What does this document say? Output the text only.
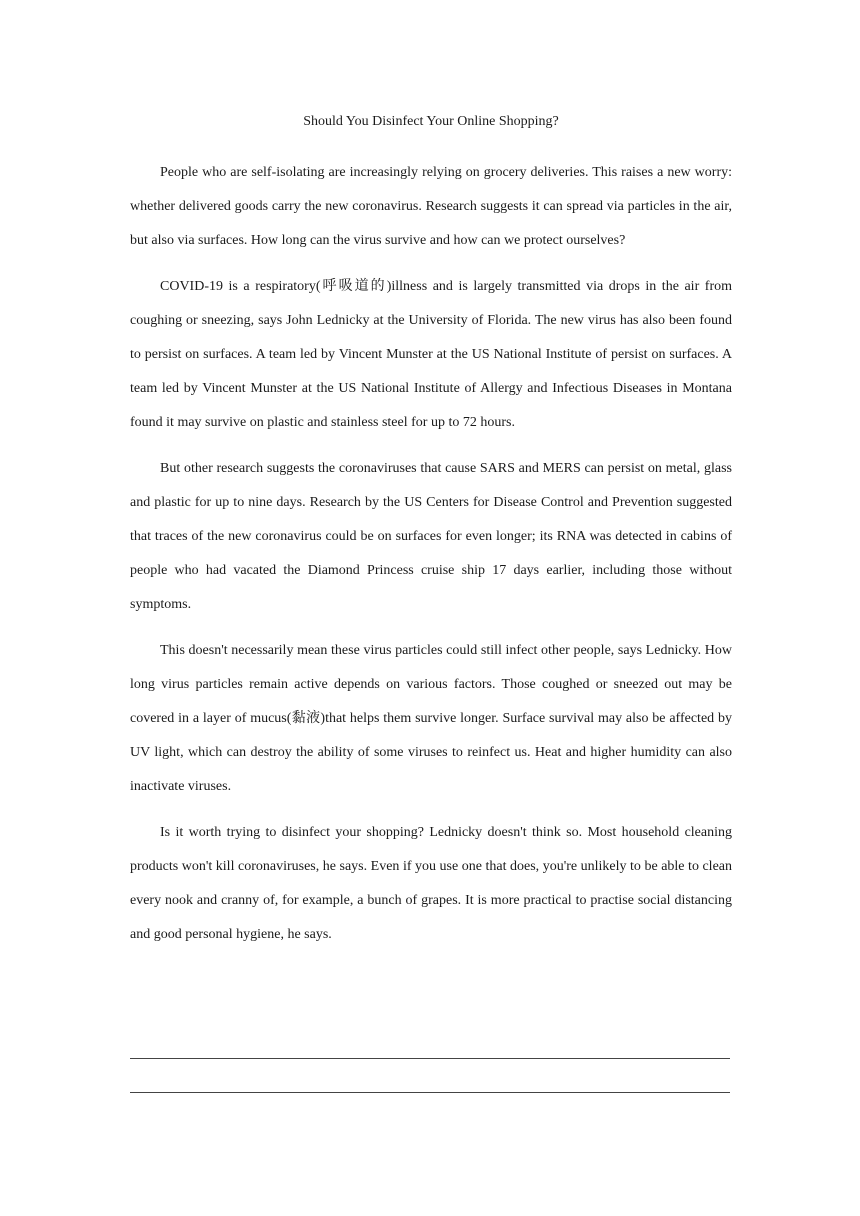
Should You Disinfect Your Online Shopping?

People who are self-isolating are increasingly relying on grocery deliveries. This raises a new worry: whether delivered goods carry the new coronavirus. Research suggests it can spread via particles in the air, but also via surfaces. How long can the virus survive and how can we protect ourselves?

COVID-19 is a respiratory(呼吸道的)illness and is largely transmitted via drops in the air from coughing or sneezing, says John Lednicky at the University of Florida. The new virus has also been found to persist on surfaces. A team led by Vincent Munster at the US National Institute of persist on surfaces. A team led by Vincent Munster at the US National Institute of Allergy and Infectious Diseases in Montana found it may survive on plastic and stainless steel for up to 72 hours.

But other research suggests the coronaviruses that cause SARS and MERS can persist on metal, glass and plastic for up to nine days. Research by the US Centers for Disease Control and Prevention suggested that traces of the new coronavirus could be on surfaces for even longer; its RNA was detected in cabins of people who had vacated the Diamond Princess cruise ship 17 days earlier, including those without symptoms.

This doesn't necessarily mean these virus particles could still infect other people, says Lednicky. How long virus particles remain active depends on various factors. Those coughed or sneezed out may be covered in a layer of mucus(黏液)that helps them survive longer. Surface survival may also be affected by UV light, which can destroy the ability of some viruses to reinfect us. Heat and higher humidity can also inactivate viruses.

Is it worth trying to disinfect your shopping? Lednicky doesn't think so. Most household cleaning products won't kill coronaviruses, he says. Even if you use one that does, you're unlikely to be able to clean every nook and cranny of, for example, a bunch of grapes. It is more practical to practise social distancing and good personal hygiene, he says.
